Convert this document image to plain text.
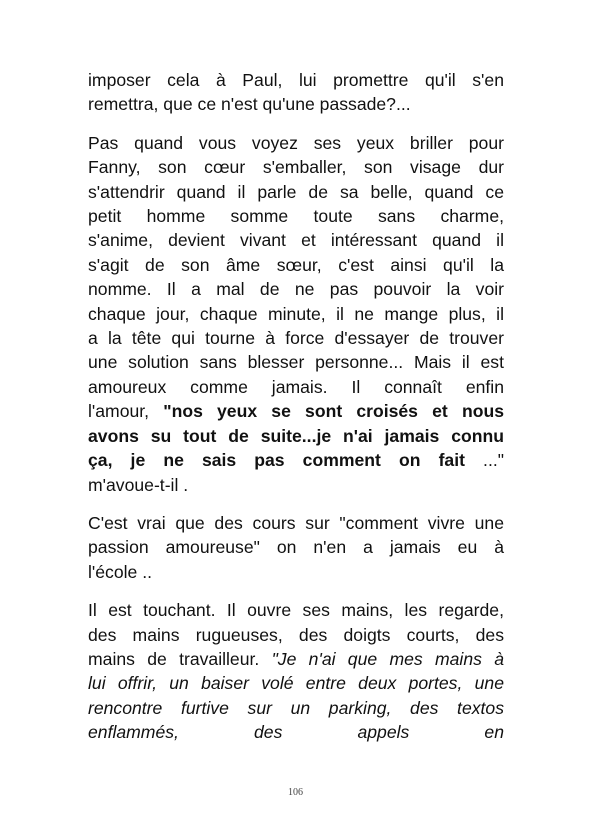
imposer cela à Paul, lui promettre qu'il s'en
remettra, que ce n'est qu'une passade?...
Pas quand vous voyez ses yeux briller pour
Fanny, son cœur s'emballer, son visage dur
s'attendrir quand il parle de sa belle, quand ce
petit homme somme toute sans charme,
s'anime, devient vivant et intéressant quand il
s'agit de son âme sœur, c'est ainsi qu'il la
nomme. Il a mal de ne pas pouvoir la voir
chaque jour, chaque minute, il ne mange plus, il
a la tête qui tourne à force d'essayer de trouver
une solution sans blesser personne... Mais il est
amoureux comme jamais. Il connaît enfin
l'amour, "nos yeux se sont croisés et nous
avons su tout de suite...je n'ai jamais connu
ça, je ne sais pas comment on fait ..."
m'avoue-t-il .
C'est vrai que des cours sur "comment vivre une
passion amoureuse" on n'en a jamais eu à
l'école ..
Il est touchant. Il ouvre ses mains, les regarde,
des mains rugueuses, des doigts courts, des
mains de travailleur. "Je n'ai que mes mains à
lui offrir, un baiser volé entre deux portes, une
rencontre furtive sur un parking, des textos
enflammés, des appels en
106
